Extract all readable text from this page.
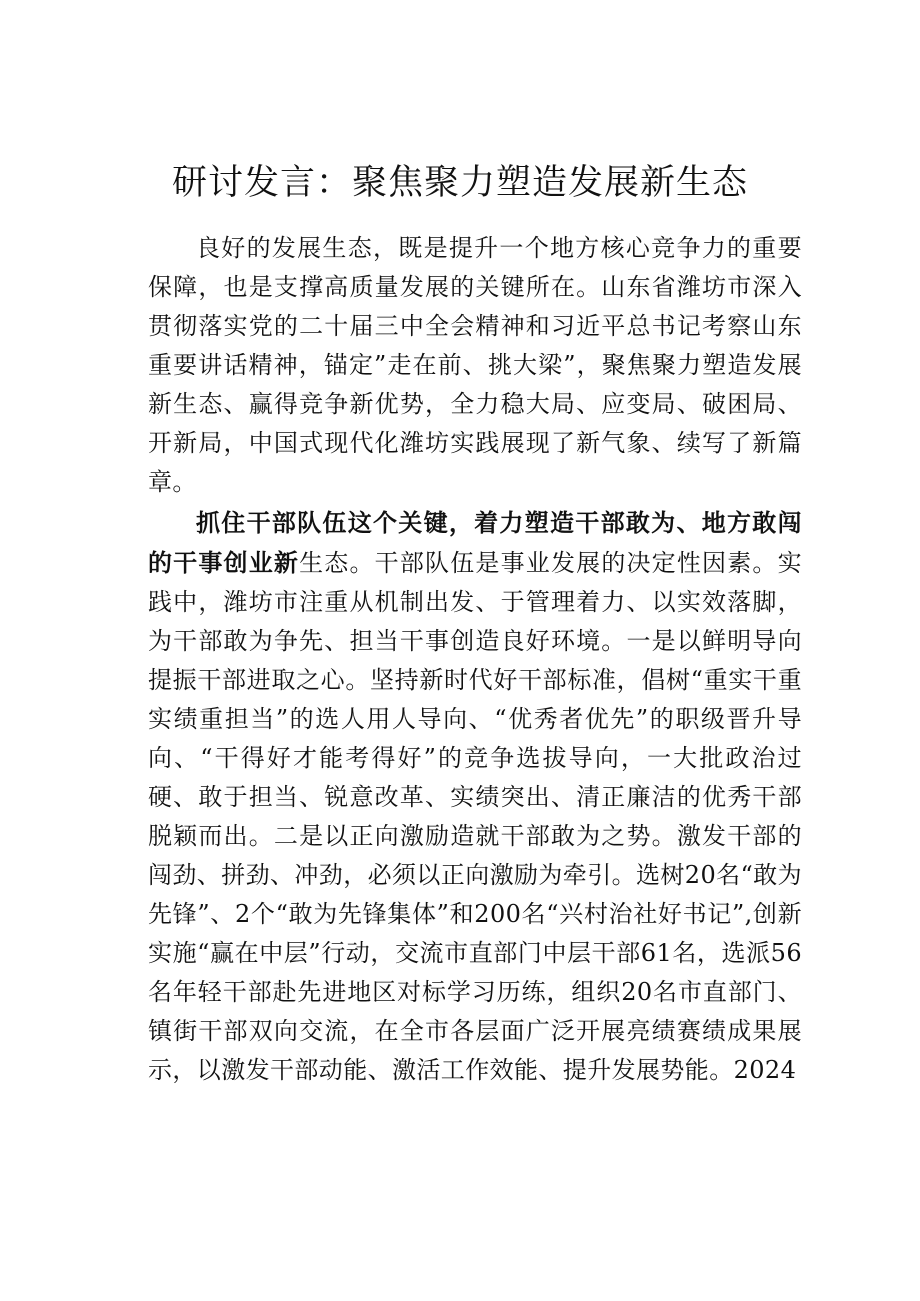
研讨发言：聚焦聚力塑造发展新生态

良好的发展生态，既是提升一个地方核心竞争力的重要保障，也是支撑高质量发展的关键所在。山东省潍坊市深入贯彻落实党的二十届三中全会精神和习近平总书记考察山东重要讲话精神，锚定”走在前、挑大梁”，聚焦聚力塑造发展新生态、赢得竞争新优势，全力稳大局、应变局、破困局、开新局，中国式现代化潍坊实践展现了新气象、续写了新篇章。

抓住干部队伍这个关键，着力塑造干部敢为、地方敢闯的干事创业新生态。干部队伍是事业发展的决定性因素。实践中，潍坊市注重从机制出发、于管理着力、以实效落脚，为干部敢为争先、担当干事创造良好环境。一是以鲜明导向提振干部进取之心。坚持新时代好干部标准，倡树“重实干重实绩重担当”的选人用人导向、“优秀者优先”的职级晋升导向、“干得好才能考得好”的竞争选拔导向，一大批政治过硬、敢于担当、锐意改革、实绩突出、清正廉洁的优秀干部脱颖而出。二是以正向激励造就干部敢为之势。激发干部的闯劲、拼劲、冲劲，必须以正向激励为牵引。选树20名“敢为先锋”、2个“敢为先锋集体”和200名“兴村治社好书记”,创新实施“赢在中层”行动，交流市直部门中层干部61名，选派56名年轻干部赴先进地区对标学习历练，组织20名市直部门、镇街干部双向交流，在全市各层面广泛开展亮绩赛绩成果展示，以激发干部动能、激活工作效能、提升发展势能。2024
